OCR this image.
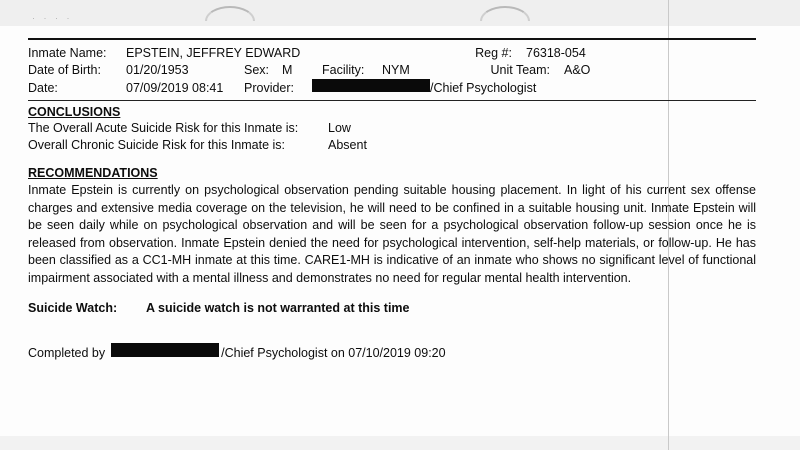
· · · ·
Inmate Name:	EPSTEIN, JEFFREY EDWARD	Reg #:	76318-054
Date of Birth:	01/20/1953	Sex:	M	Facility:	NYM	Unit Team:	A&O
Date:	07/09/2019 08:41	Provider:	/Chief Psychologist
CONCLUSIONS
The Overall Acute Suicide Risk for this Inmate is:	Low
Overall Chronic Suicide Risk for this Inmate is:	Absent
RECOMMENDATIONS
Inmate Epstein is currently on psychological observation pending suitable housing placement. In light of his current sex offense charges and extensive media coverage on the television, he will need to be confined in a suitable housing unit. Inmate Epstein will be seen daily while on psychological observation and will be seen for a psychological observation follow-up session once he is released from observation. Inmate Epstein denied the need for psychological intervention, self-help materials, or follow-up. He has been classified as a CC1-MH inmate at this time. CARE1-MH is indicative of an inmate who shows no significant level of functional impairment associated with a mental illness and demonstrates no need for regular mental health intervention.
Suicide Watch:	A suicide watch is not warranted at this time
Completed by	/Chief Psychologist on 07/10/2019 09:20
